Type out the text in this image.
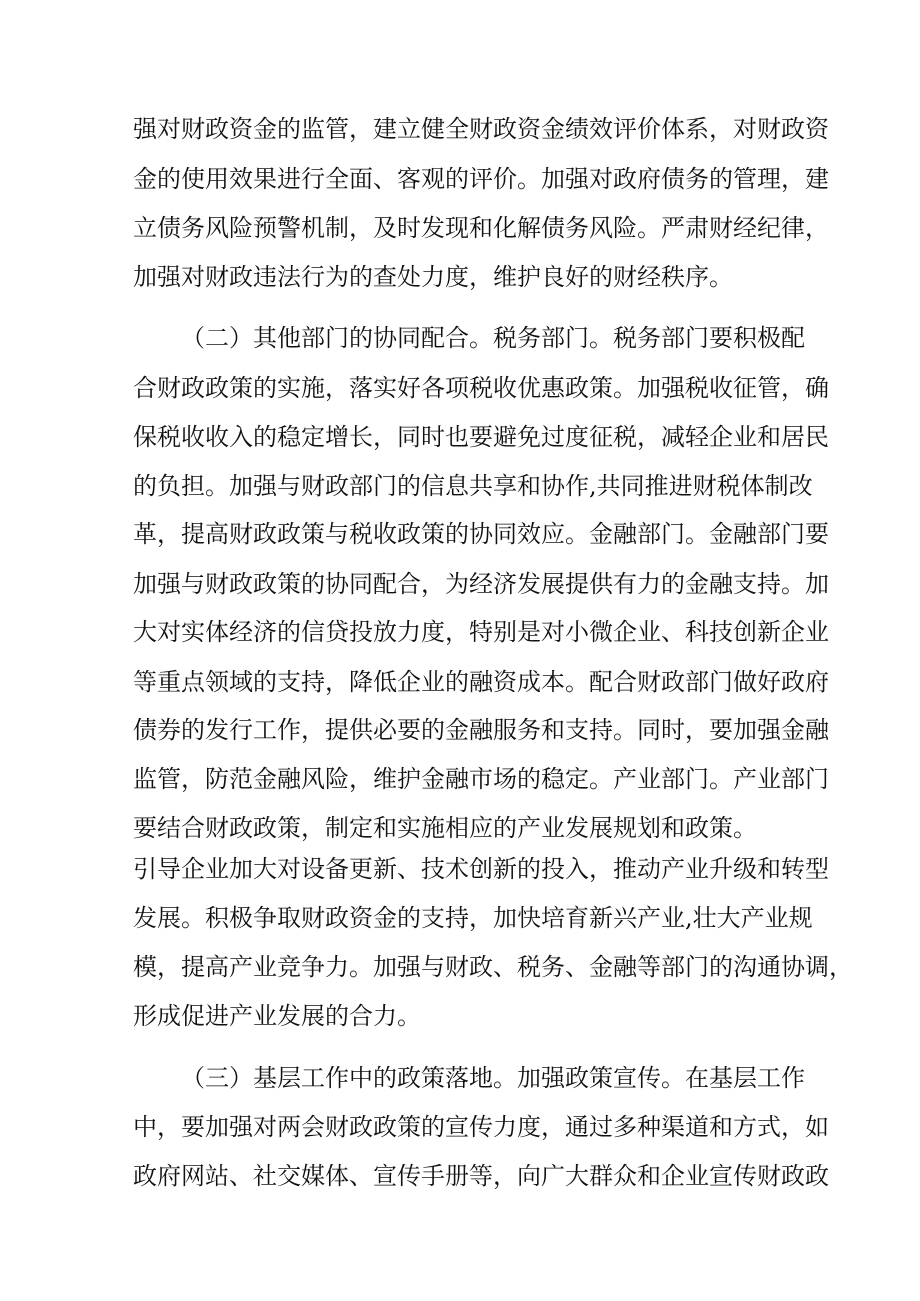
强对财政资金的监管，建立健全财政资金绩效评价体系，对财政资
金的使用效果进行全面、客观的评价。加强对政府债务的管理，建
立债务风险预警机制，及时发现和化解债务风险。严肃财经纪律，
加强对财政违法行为的查处力度，维护良好的财经秩序。
（二）其他部门的协同配合。税务部门。税务部门要积极配
合财政政策的实施，落实好各项税收优惠政策。加强税收征管，确
保税收收入的稳定增长，同时也要避免过度征税，减轻企业和居民
的负担。加强与财政部门的信息共享和协作,共同推进财税体制改
革，提高财政政策与税收政策的协同效应。金融部门。金融部门要
加强与财政政策的协同配合，为经济发展提供有力的金融支持。加
大对实体经济的信贷投放力度，特别是对小微企业、科技创新企业
等重点领域的支持，降低企业的融资成本。配合财政部门做好政府
债券的发行工作，提供必要的金融服务和支持。同时，要加强金融
监管，防范金融风险，维护金融市场的稳定。产业部门。产业部门
要结合财政政策，制定和实施相应的产业发展规划和政策。
引导企业加大对设备更新、技术创新的投入，推动产业升级和转型
发展。积极争取财政资金的支持，加快培育新兴产业,壮大产业规
模，提高产业竞争力。加强与财政、税务、金融等部门的沟通协调，
形成促进产业发展的合力。
（三）基层工作中的政策落地。加强政策宣传。在基层工作
中，要加强对两会财政政策的宣传力度，通过多种渠道和方式，如
政府网站、社交媒体、宣传手册等，向广大群众和企业宣传财政政
